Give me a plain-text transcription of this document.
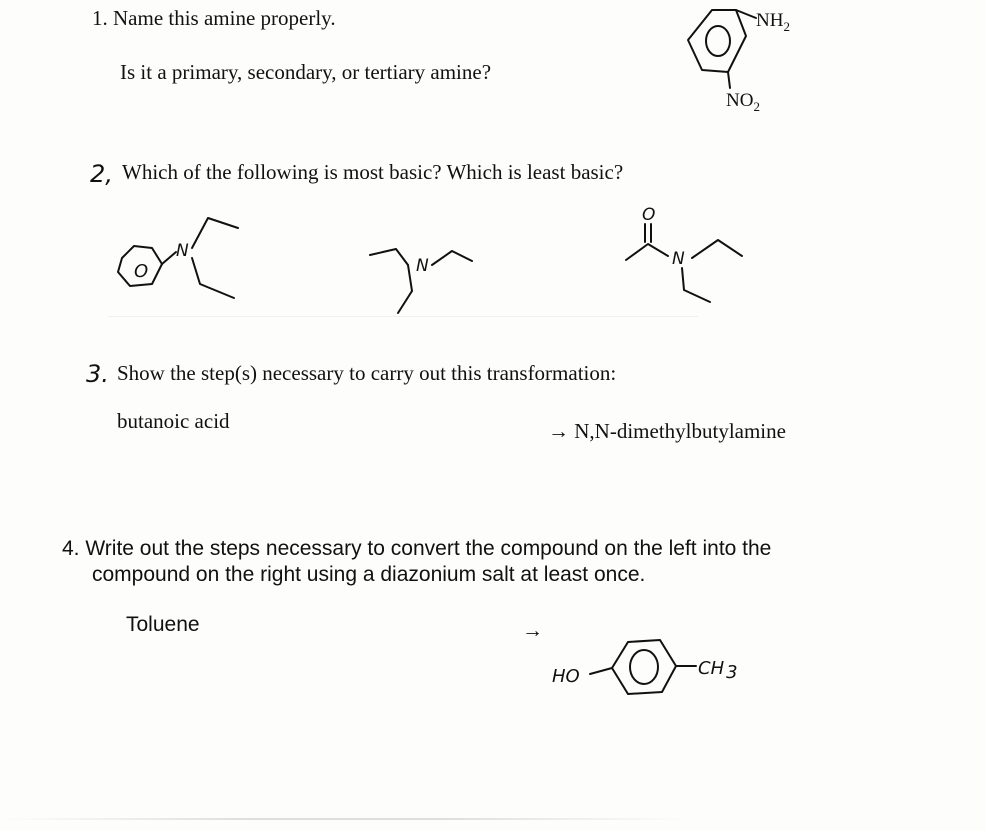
1. Name this amine properly.
Is it a primary, secondary, or tertiary amine?
$NH_2$
$NO_2$
2, Which of the following is most basic? Which is least basic?
O
N
N
O
N
3. Show the step(s) necessary to carry out this transformation:
butanoic acid	→ N,N-dimethylbutylamine
4. Write out the steps necessary to convert the compound on the left into the
compound on the right using a diazonium salt at least once.
Toluene	→
HO	CH 3
